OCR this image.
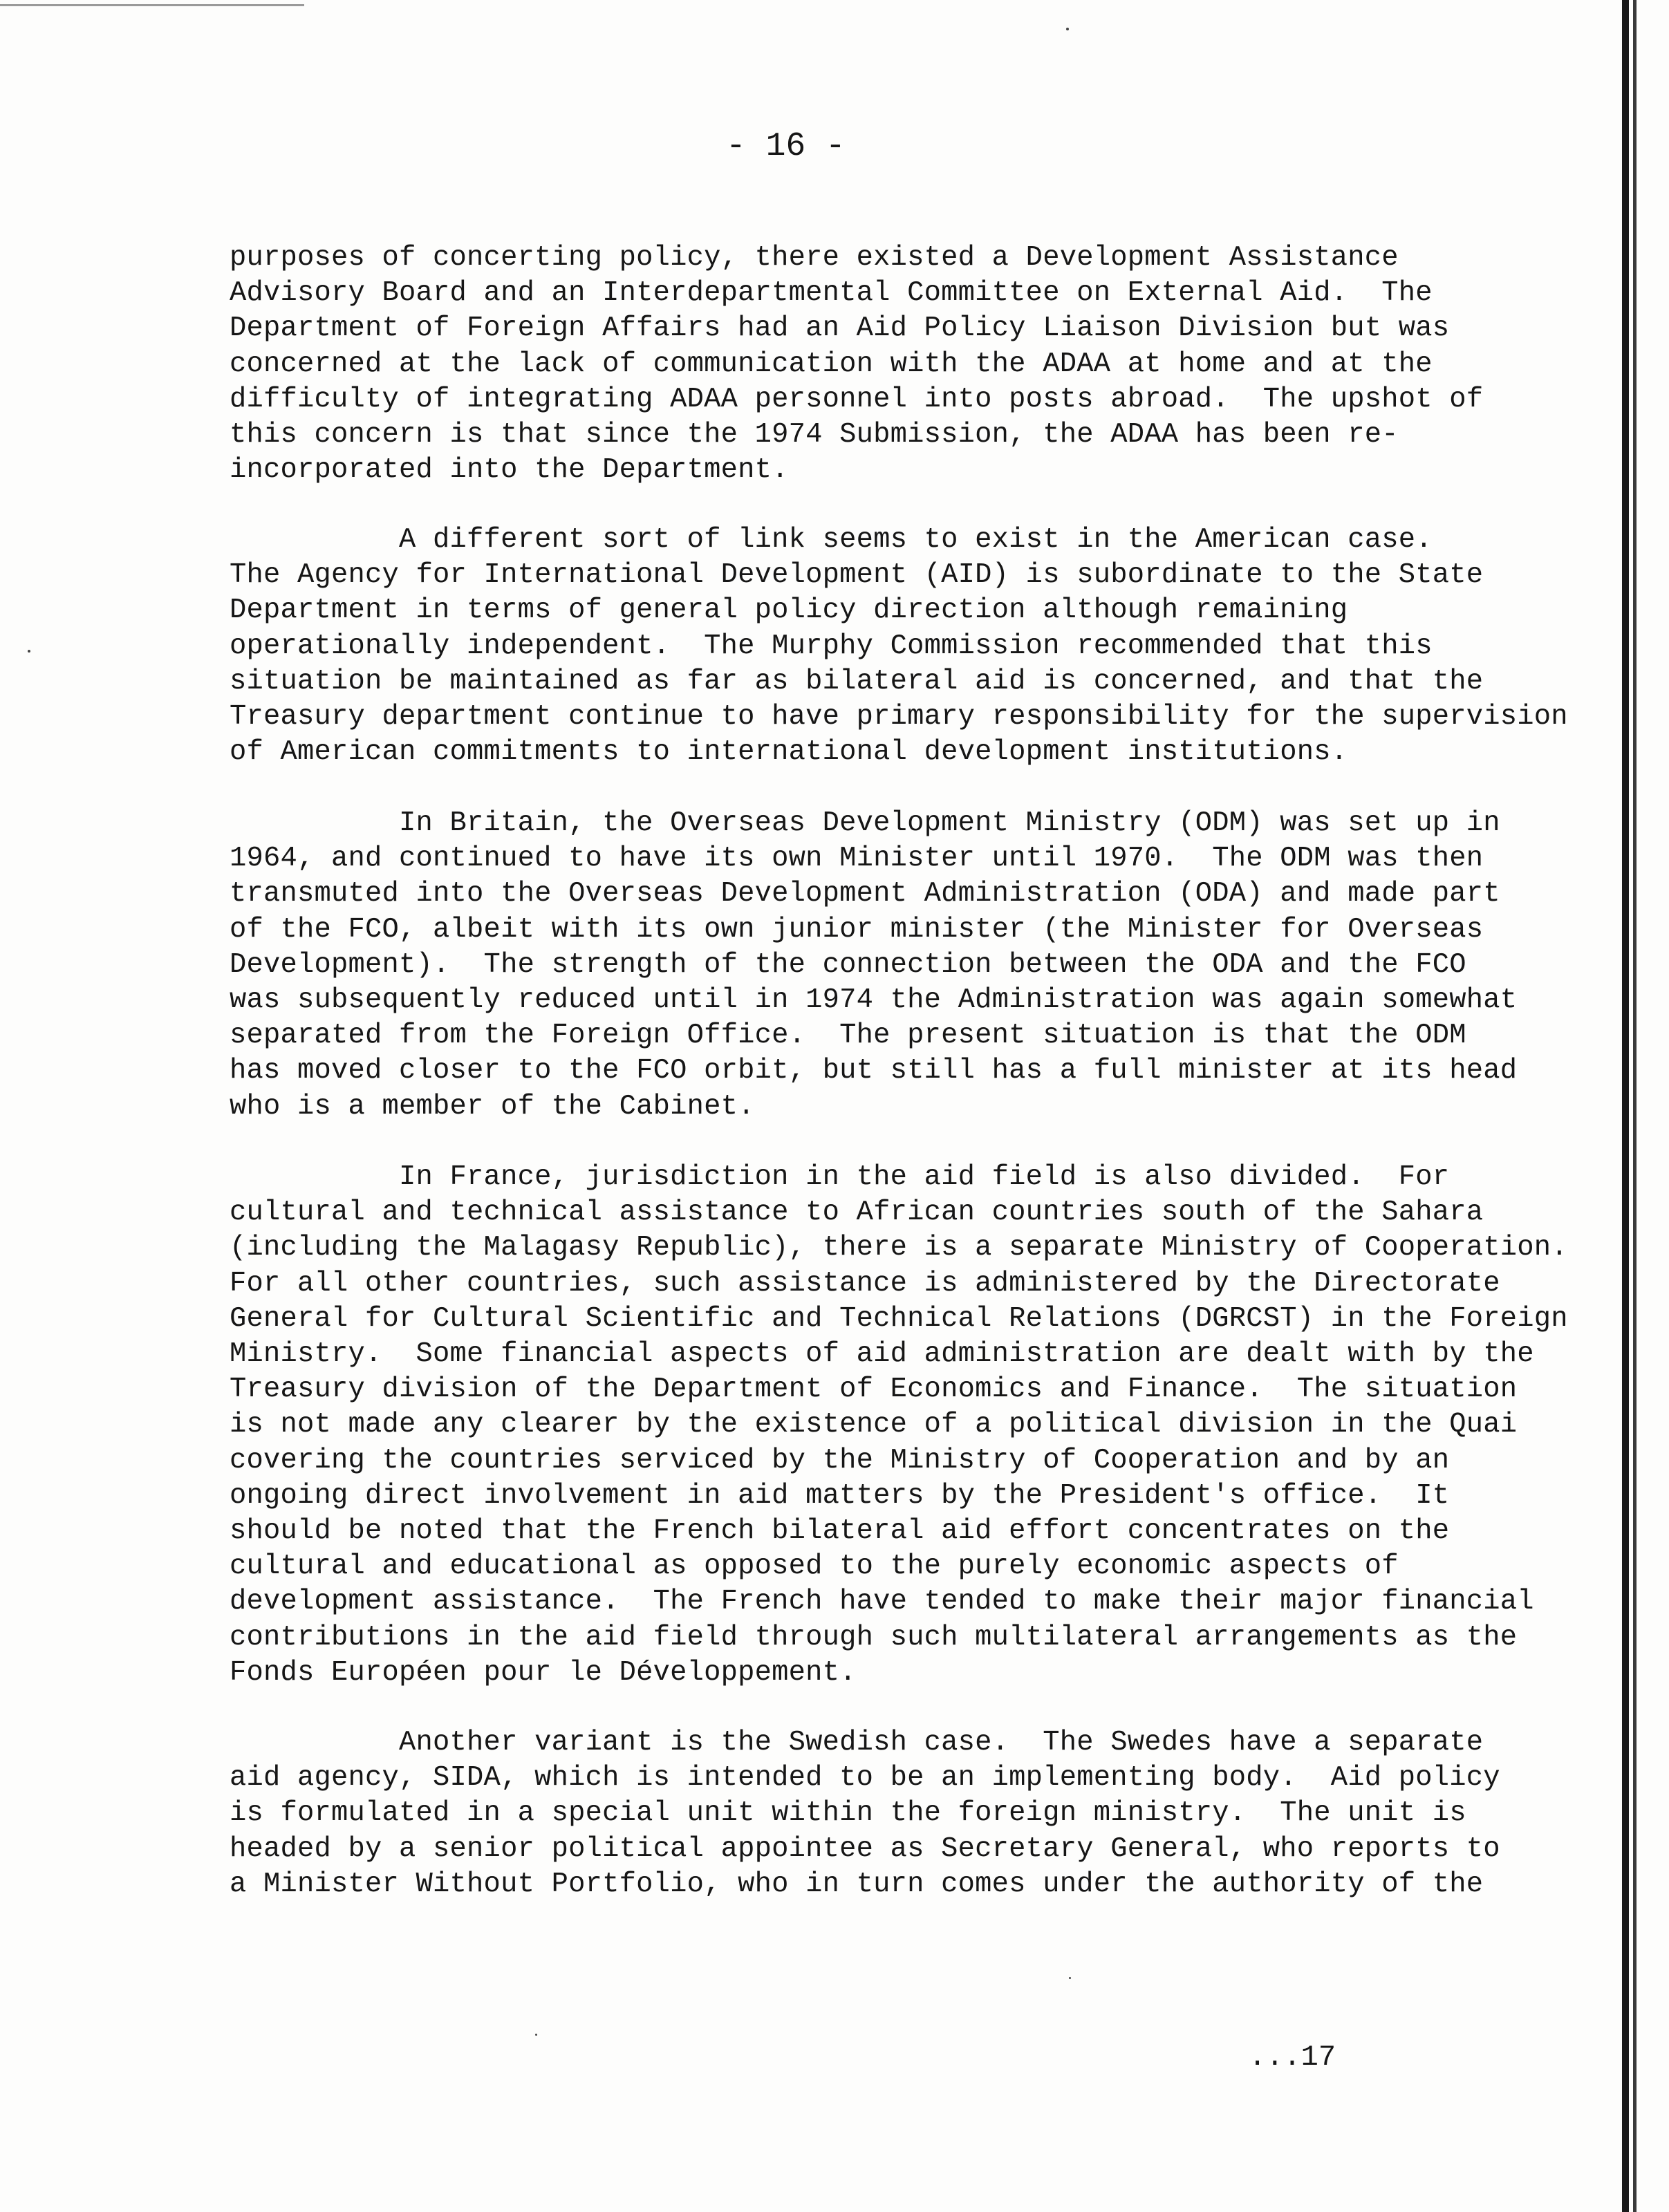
- 16 -

purposes of concerting policy, there existed a Development Assistance
Advisory Board and an Interdepartmental Committee on External Aid.  The
Department of Foreign Affairs had an Aid Policy Liaison Division but was
concerned at the lack of communication with the ADAA at home and at the
difficulty of integrating ADAA personnel into posts abroad.  The upshot of
this concern is that since the 1974 Submission, the ADAA has been re-
incorporated into the Department.

A different sort of link seems to exist in the American case.
The Agency for International Development (AID) is subordinate to the State
Department in terms of general policy direction although remaining
operationally independent.  The Murphy Commission recommended that this
situation be maintained as far as bilateral aid is concerned, and that the
Treasury department continue to have primary responsibility for the supervision
of American commitments to international development institutions.

In Britain, the Overseas Development Ministry (ODM) was set up in
1964, and continued to have its own Minister until 1970.  The ODM was then
transmuted into the Overseas Development Administration (ODA) and made part
of the FCO, albeit with its own junior minister (the Minister for Overseas
Development).  The strength of the connection between the ODA and the FCO
was subsequently reduced until in 1974 the Administration was again somewhat
separated from the Foreign Office.  The present situation is that the ODM
has moved closer to the FCO orbit, but still has a full minister at its head
who is a member of the Cabinet.

In France, jurisdiction in the aid field is also divided.  For
cultural and technical assistance to African countries south of the Sahara
(including the Malagasy Republic), there is a separate Ministry of Cooperation.
For all other countries, such assistance is administered by the Directorate
General for Cultural Scientific and Technical Relations (DGRCST) in the Foreign
Ministry.  Some financial aspects of aid administration are dealt with by the
Treasury division of the Department of Economics and Finance.  The situation
is not made any clearer by the existence of a political division in the Quai
covering the countries serviced by the Ministry of Cooperation and by an
ongoing direct involvement in aid matters by the President's office.  It
should be noted that the French bilateral aid effort concentrates on the
cultural and educational as opposed to the purely economic aspects of
development assistance.  The French have tended to make their major financial
contributions in the aid field through such multilateral arrangements as the
Fonds Européen pour le Développement.

Another variant is the Swedish case.  The Swedes have a separate
aid agency, SIDA, which is intended to be an implementing body.  Aid policy
is formulated in a special unit within the foreign ministry.  The unit is
headed by a senior political appointee as Secretary General, who reports to
a Minister Without Portfolio, who in turn comes under the authority of the

...17
